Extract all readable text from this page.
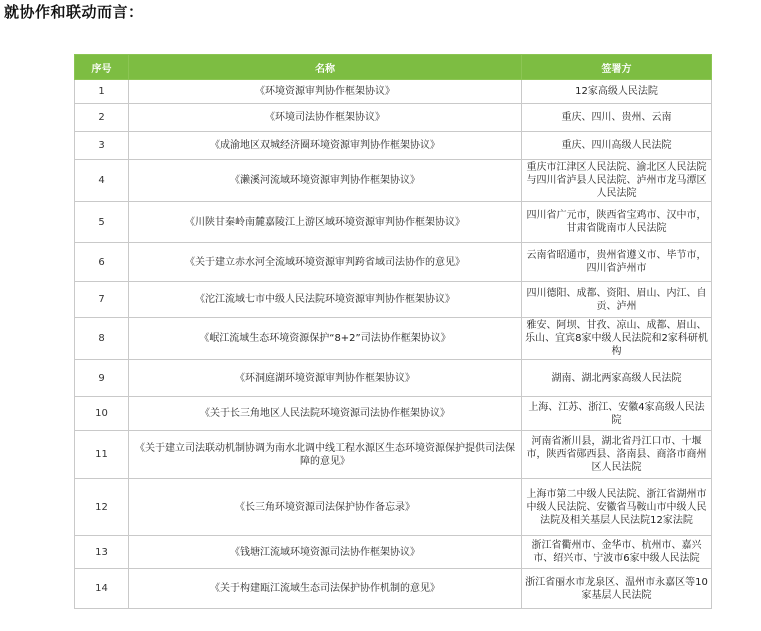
就协作和联动而言：
序号	名称	签署方
1	《环境资源审判协作框架协议》	12家高级人民法院
2	《环境司法协作框架协议》	重庆、四川、贵州、云南
3	《成渝地区双城经济圈环境资源审判协作框架协议》	重庆、四川高级人民法院
4	《濑溪河流域环境资源审判协作框架协议》	重庆市江津区人民法院、渝北区人民法院与四川省泸县人民法院、泸州市龙马潭区人民法院
5	《川陕甘秦岭南麓嘉陵江上游区域环境资源审判协作框架协议》	四川省广元市，陕西省宝鸡市、汉中市，甘肃省陇南市人民法院
6	《关于建立赤水河全流域环境资源审判跨省域司法协作的意见》	云南省昭通市，贵州省遵义市、毕节市，四川省泸州市
7	《沱江流域七市中级人民法院环境资源审判协作框架协议》	四川德阳、成都、资阳、眉山、内江、自贡、泸州
8	《岷江流域生态环境资源保护“8+2”司法协作框架协议》	雅安、阿坝、甘孜、凉山、成都、眉山、乐山、宜宾8家中级人民法院和2家科研机构
9	《环洞庭湖环境资源审判协作框架协议》	湖南、湖北两家高级人民法院
10	《关于长三角地区人民法院环境资源司法协作框架协议》	上海、江苏、浙江、安徽4家高级人民法院
11	《关于建立司法联动机制协调为南水北调中线工程水源区生态环境资源保护提供司法保障的意见》	河南省淅川县，湖北省丹江口市、十堰市，陕西省郧西县、洛南县、商洛市商州区人民法院
12	《长三角环境资源司法保护协作备忘录》	上海市第二中级人民法院、浙江省湖州市中级人民法院、安徽省马鞍山市中级人民法院及相关基层人民法院12家法院
13	《钱塘江流域环境资源司法协作框架协议》	浙江省衢州市、金华市、杭州市、嘉兴市、绍兴市、宁波市6家中级人民法院
14	《关于构建瓯江流域生态司法保护协作机制的意见》	浙江省丽水市龙泉区、温州市永嘉区等10家基层人民法院
